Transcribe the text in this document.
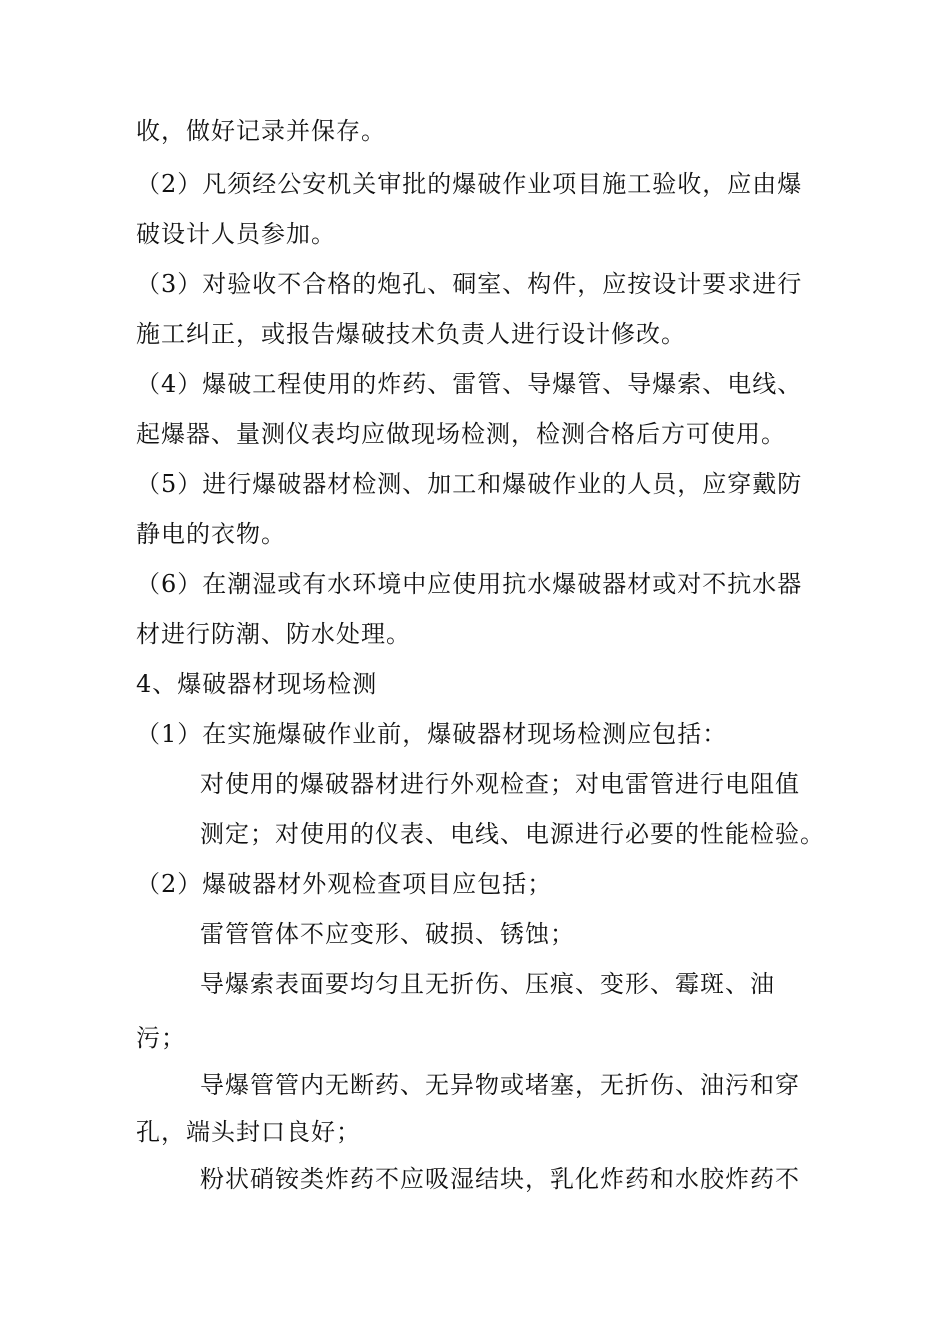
收，做好记录并保存。
（2）凡须经公安机关审批的爆破作业项目施工验收，应由爆
破设计人员参加。
（3）对验收不合格的炮孔、硐室、构件，应按设计要求进行
施工纠正，或报告爆破技术负责人进行设计修改。
（4）爆破工程使用的炸药、雷管、导爆管、导爆索、电线、
起爆器、量测仪表均应做现场检测，检测合格后方可使用。
（5）进行爆破器材检测、加工和爆破作业的人员，应穿戴防
静电的衣物。
（6）在潮湿或有水环境中应使用抗水爆破器材或对不抗水器
材进行防潮、防水处理。
4、爆破器材现场检测
（1）在实施爆破作业前，爆破器材现场检测应包括：
对使用的爆破器材进行外观检查；对电雷管进行电阻值
测定；对使用的仪表、电线、电源进行必要的性能检验。
（2）爆破器材外观检查项目应包括；
雷管管体不应变形、破损、锈蚀；
导爆索表面要均匀且无折伤、压痕、变形、霉斑、油
污；
导爆管管内无断药、无异物或堵塞，无折伤、油污和穿
孔，端头封口良好；
粉状硝铵类炸药不应吸湿结块，乳化炸药和水胶炸药不
